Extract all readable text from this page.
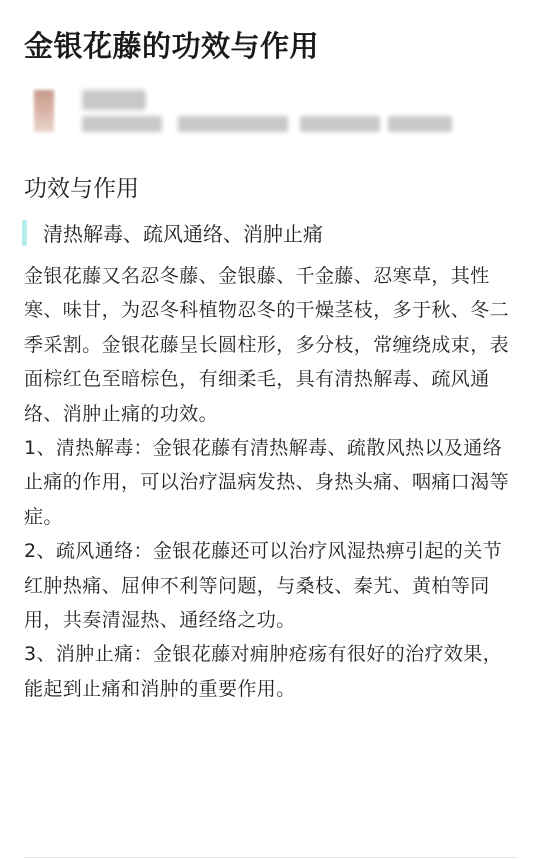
金银花藤的功效与作用
功效与作用
清热解毒、疏风通络、消肿止痛

金银花藤又名忍冬藤、金银藤、千金藤、忍寒草，其性寒、味甘，为忍冬科植物忍冬的干燥茎枝，多于秋、冬二季采割。金银花藤呈长圆柱形，多分枝，常缠绕成束，表面棕红色至暗棕色，有细柔毛，具有清热解毒、疏风通络、消肿止痛的功效。

1、清热解毒：金银花藤有清热解毒、疏散风热以及通络止痛的作用，可以治疗温病发热、身热头痛、咽痛口渴等症。

2、疏风通络：金银花藤还可以治疗风湿热痹引起的关节红肿热痛、屈伸不利等问题，与桑枝、秦艽、黄柏等同用，共奏清湿热、通经络之功。

3、消肿止痛：金银花藤对痈肿疮疡有很好的治疗效果，能起到止痛和消肿的重要作用。
